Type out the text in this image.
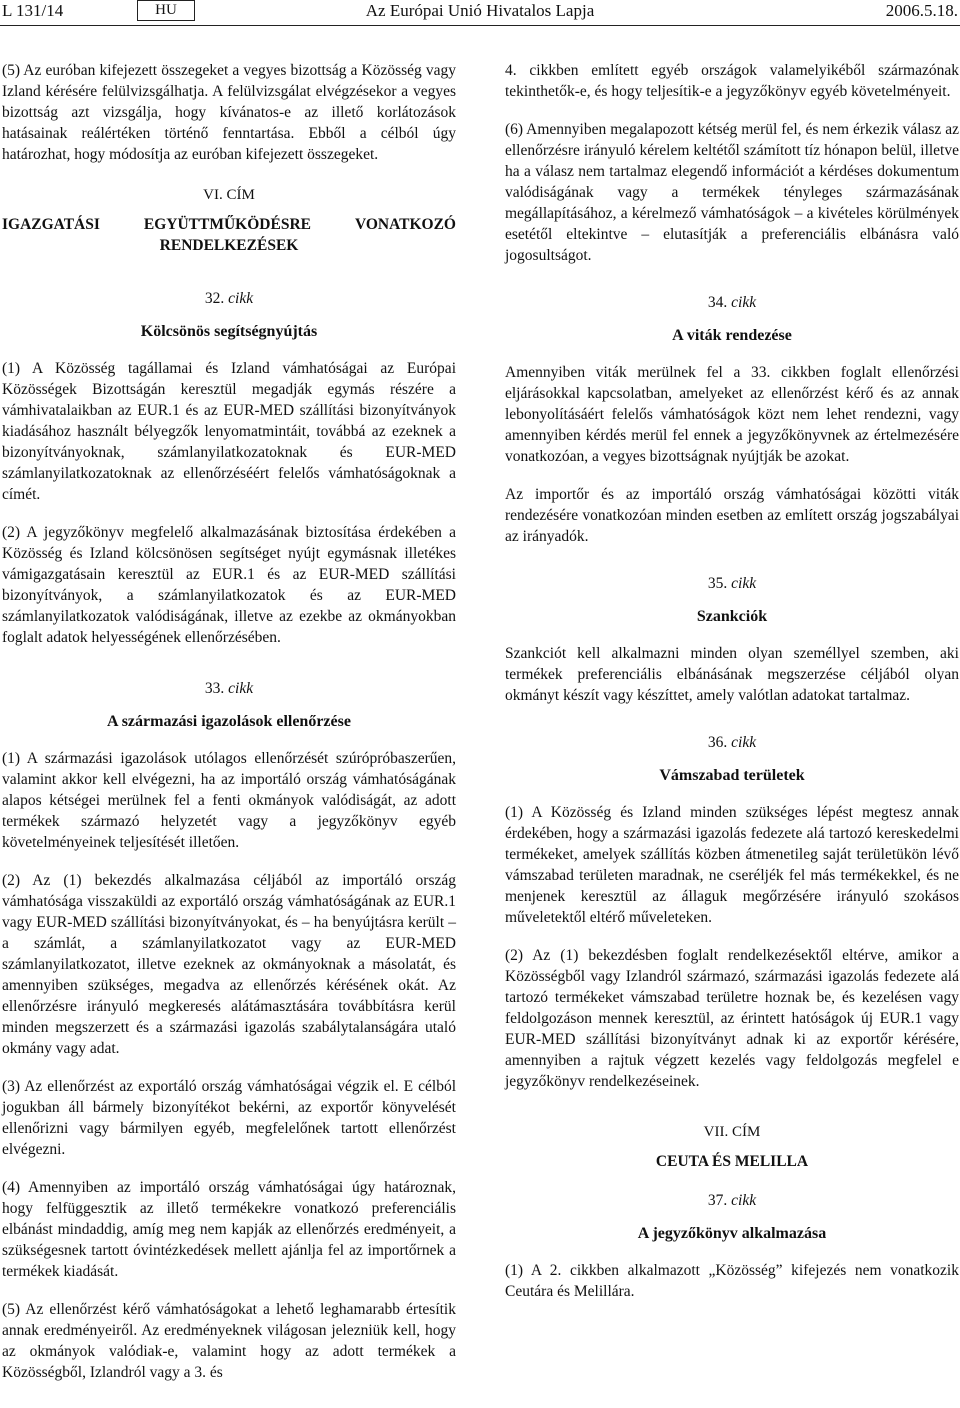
L 131/14	HU	Az Európai Unió Hivatalos Lapja	2006.5.18.

(5) Az euróban kifejezett összegeket a vegyes bizottság a Közösség vagy Izland kérésére felülvizsgálhatja. A felülvizsgálat elvégzésekor a vegyes bizottság azt vizsgálja, hogy kívánatos-e az illető korlátozások hatásainak reálértéken történő fenntartása. Ebből a célból úgy határozhat, hogy módosítja az euróban kifejezett összegeket.

VI. CÍM
IGAZGATÁSI	EGYÜTTMŰKÖDÉSRE	VONATKOZÓ
RENDELKEZÉSEK
32. cikk
Kölcsönös segítségnyújtás

(1) A Közösség tagállamai és Izland vámhatóságai az Európai Közösségek Bizottságán keresztül megadják egymás részére a vámhivatalaikban az EUR.1 és az EUR-MED szállítási bizonyítványok kiadásához használt bélyegzők lenyomatmintáit, továbbá az ezeknek a bizonyítványoknak, számlanyilatkozatoknak és EUR-MED számlanyilatkozatoknak az ellenőrzéséért felelős vámhatóságoknak a címét.

(2) A jegyzőkönyv megfelelő alkalmazásának biztosítása érdekében a Közösség és Izland kölcsönösen segítséget nyújt egymásnak illetékes vámigazgatásain keresztül az EUR.1 és az EUR-MED szállítási bizonyítványok, a számlanyilatkozatok és az EUR-MED számlanyilatkozatok valódiságának, illetve az ezekbe az okmányokban foglalt adatok helyességének ellenőrzésében.

33. cikk
A származási igazolások ellenőrzése

(1) A származási igazolások utólagos ellenőrzését szúrópróbaszerűen, valamint akkor kell elvégezni, ha az importáló ország vámhatóságának alapos kétségei merülnek fel a fenti okmányok valódiságát, az adott termékek származó helyzetét vagy a jegyzőkönyv egyéb követelményeinek teljesítését illetően.

(2) Az (1) bekezdés alkalmazása céljából az importáló ország vámhatósága visszaküldi az exportáló ország vámhatóságának az EUR.1 vagy EUR-MED szállítási bizonyítványokat, és – ha benyújtásra került – a számlát, a számlanyilatkozatot vagy az EUR-MED számlanyilatkozatot, illetve ezeknek az okmányoknak a másolatát, és amennyiben szükséges, megadva az ellenőrzés kérésének okát. Az ellenőrzésre irányuló megkeresés alátámasztására továbbításra kerül minden megszerzett és a származási igazolás szabálytalanságára utaló okmány vagy adat.

(3) Az ellenőrzést az exportáló ország vámhatóságai végzik el. E célból jogukban áll bármely bizonyítékot bekérni, az exportőr könyvelését ellenőrizni vagy bármilyen egyéb, megfelelőnek tartott ellenőrzést elvégezni.

(4) Amennyiben az importáló ország vámhatóságai úgy határoznak, hogy felfüggesztik az illető termékekre vonatkozó preferenciális elbánást mindaddig, amíg meg nem kapják az ellenőrzés eredményeit, a szükségesnek tartott óvintézkedések mellett ajánlja fel az importőrnek a termékek kiadását.

(5) Az ellenőrzést kérő vámhatóságokat a lehető leghamarabb értesítik annak eredményeiről. Az eredményeknek világosan jelezniük kell, hogy az okmányok valódiak-e, valamint hogy az adott termékek a Közösségből, Izlandról vagy a 3. és

4. cikkben említett egyéb országok valamelyikéből származónak tekinthetők-e, és hogy teljesítik-e a jegyzőkönyv egyéb követelményeit.

(6) Amennyiben megalapozott kétség merül fel, és nem érkezik válasz az ellenőrzésre irányuló kérelem keltétől számított tíz hónapon belül, illetve ha a válasz nem tartalmaz elegendő információt a kérdéses dokumentum valódiságának vagy a termékek tényleges származásának megállapításához, a kérelmező vámhatóságok – a kivételes körülmények esetétől eltekintve – elutasítják a preferenciális elbánásra való jogosultságot.

34. cikk
A viták rendezése

Amennyiben viták merülnek fel a 33. cikkben foglalt ellenőrzési eljárásokkal kapcsolatban, amelyeket az ellenőrzést kérő és az annak lebonyolításáért felelős vámhatóságok közt nem lehet rendezni, vagy amennyiben kérdés merül fel ennek a jegyzőkönyvnek az értelmezésére vonatkozóan, a vegyes bizottságnak nyújtják be azokat.

Az importőr és az importáló ország vámhatóságai közötti viták rendezésére vonatkozóan minden esetben az említett ország jogszabályai az irányadók.

35. cikk
Szankciók

Szankciót kell alkalmazni minden olyan személlyel szemben, aki termékek preferenciális elbánásának megszerzése céljából olyan okmányt készít vagy készíttet, amely valótlan adatokat tartalmaz.

36. cikk
Vámszabad területek

(1) A Közösség és Izland minden szükséges lépést megtesz annak érdekében, hogy a származási igazolás fedezete alá tartozó kereskedelmi termékeket, amelyek szállítás közben átmenetileg saját területükön lévő vámszabad területen maradnak, ne cseréljék fel más termékekkel, és ne menjenek keresztül az állaguk megőrzésére irányuló szokásos műveletektől eltérő műveleteken.

(2) Az (1) bekezdésben foglalt rendelkezésektől eltérve, amikor a Közösségből vagy Izlandról származó, származási igazolás fedezete alá tartozó termékeket vámszabad területre hoznak be, és kezelésen vagy feldolgozáson mennek keresztül, az érintett hatóságok új EUR.1 vagy EUR-MED szállítási bizonyítványt adnak ki az exportőr kérésére, amennyiben a rajtuk végzett kezelés vagy feldolgozás megfelel e jegyzőkönyv rendelkezéseinek.

VII. CÍM
CEUTA ÉS MELILLA
37. cikk
A jegyzőkönyv alkalmazása

(1) A 2. cikkben alkalmazott „Közösség” kifejezés nem vonatkozik Ceutára és Melillára.
